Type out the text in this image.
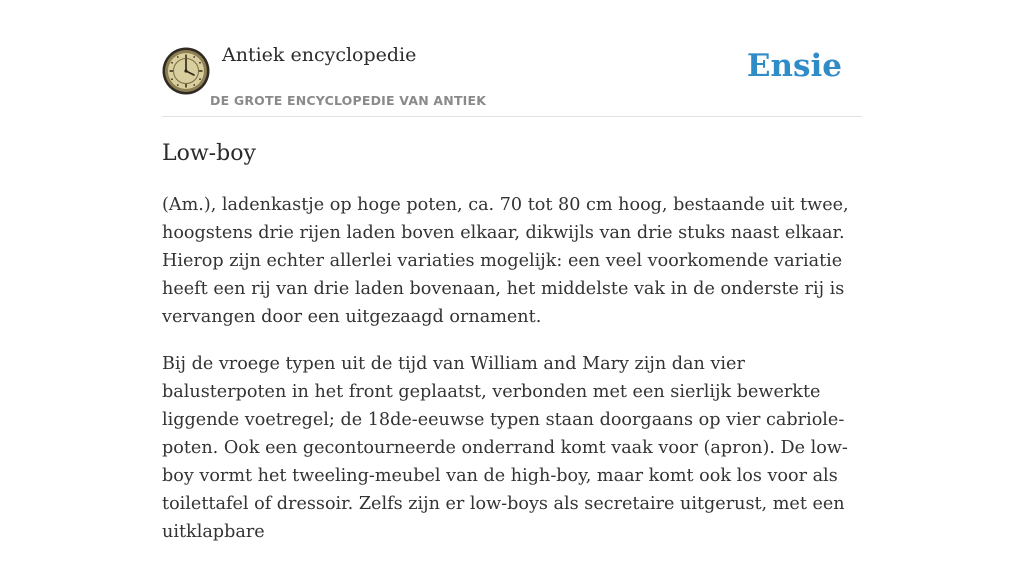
Antiek encyclopedie
DE GROTE ENCYCLOPEDIE VAN ANTIEK
Ensie
Low-boy

(Am.), ladenkastje op hoge poten, ca. 70 tot 80 cm hoog, bestaande uit twee, hoogstens drie rijen laden boven elkaar, dikwijls van drie stuks naast elkaar. Hierop zijn echter allerlei variaties mogelijk: een veel voorkomende variatie heeft een rij van drie laden bovenaan, het middelste vak in de onderste rij is vervangen door een uitgezaagd ornament.

Bij de vroege typen uit de tijd van William and Mary zijn dan vier balusterpoten in het front geplaatst, verbonden met een sierlijk bewerkte liggende voetregel; de 18de-eeuwse typen staan doorgaans op vier cabriole-poten. Ook een gecontourneerde onderrand komt vaak voor (apron). De low-boy vormt het tweeling-meubel van de high-boy, maar komt ook los voor als toilettafel of dressoir. Zelfs zijn er low-boys als secretaire uitgerust, met een uitklapbare
